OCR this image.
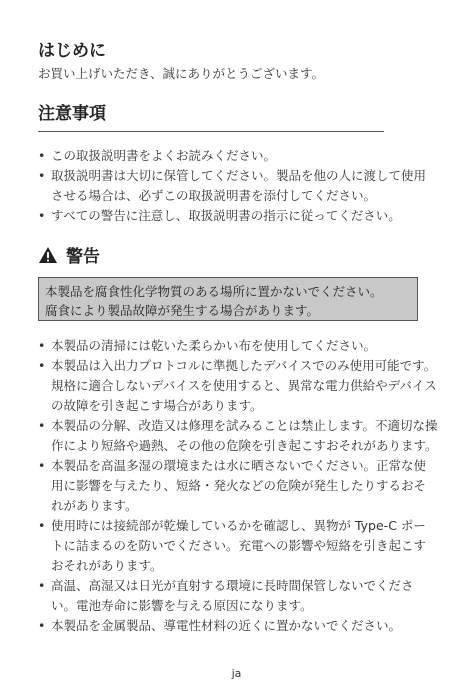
はじめに
お買い上げいただき、誠にありがとうございます。
注意事項
• この取扱説明書をよくお読みください。
• 取扱説明書は大切に保管してください。製品を他の人に渡して使用させる場合は、必ずこの取扱説明書を添付してください。
• すべての警告に注意し、取扱説明書の指示に従ってください。
警告
本製品を腐食性化学物質のある場所に置かないでください。
腐食により製品故障が発生する場合があります。
• 本製品の清掃には乾いた柔らかい布を使用してください。
• 本製品は入出力プロトコルに準拠したデバイスでのみ使用可能です。規格に適合しないデバイスを使用すると、異常な電力供給やデバイスの故障を引き起こす場合があります。
• 本製品の分解、改造又は修理を試みることは禁止します。不適切な操作により短絡や過熱、その他の危険を引き起こすおそれがあります。
• 本製品を高温多湿の環境または水に晒さないでください。正常な使用に影響を与えたり、短絡・発火などの危険が発生したりするおそれがあります。
• 使用時には接続部が乾燥しているかを確認し、異物が Type-C ポートに詰まるのを防いでください。充電への影響や短絡を引き起こすおそれがあります。
• 高温、高湿又は日光が直射する環境に長時間保管しないでください。電池寿命に影響を与える原因になります。
• 本製品を金属製品、導電性材料の近くに置かないでください。
ja
